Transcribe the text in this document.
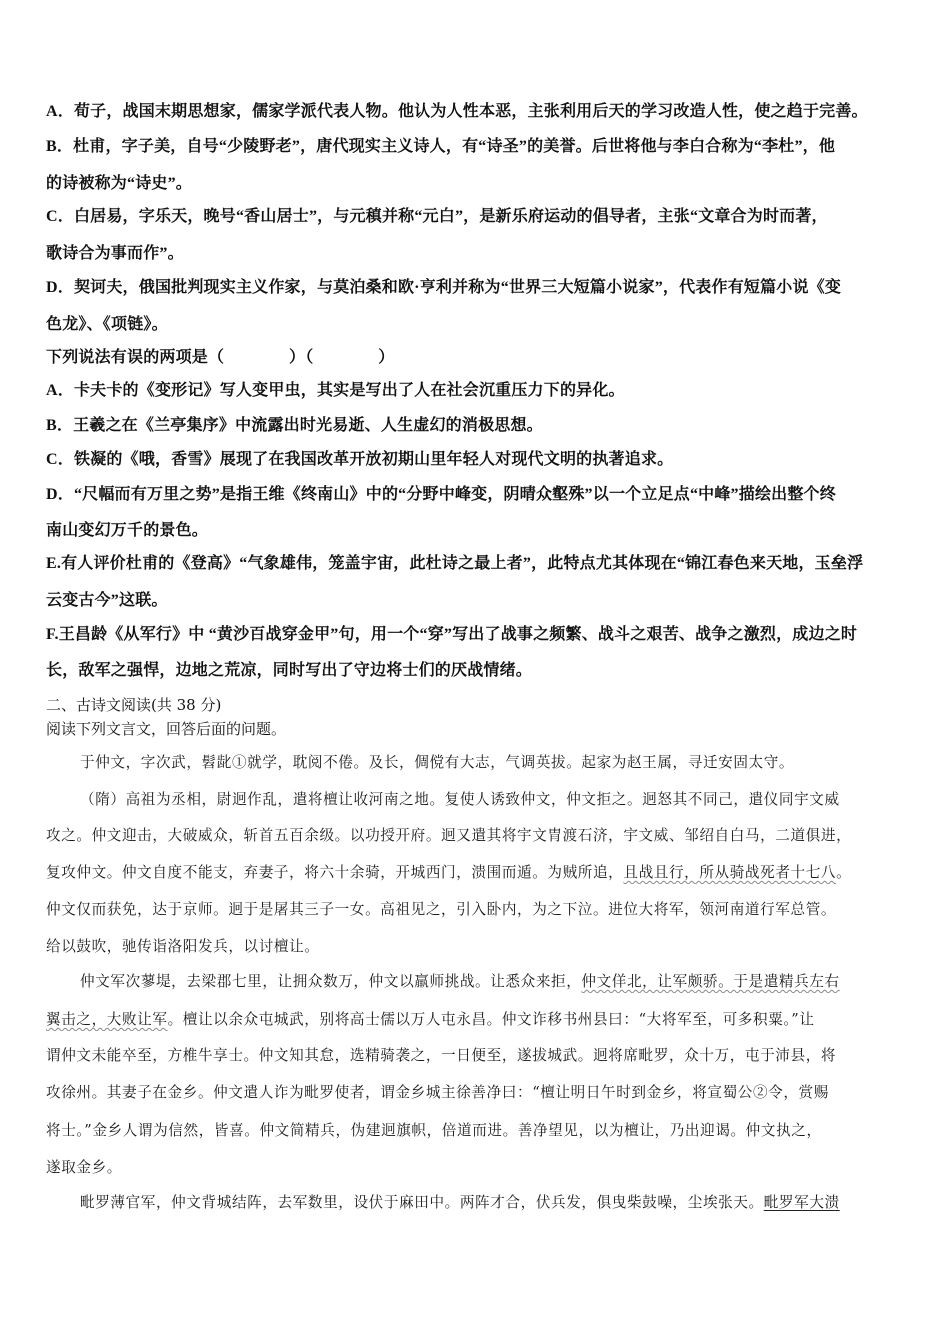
A．荀子，战国末期思想家，儒家学派代表人物。他认为人性本恶，主张利用后天的学习改造人性，使之趋于完善。
B．杜甫，字子美，自号“少陵野老”，唐代现实主义诗人，有“诗圣”的美誉。后世将他与李白合称为“李杜”，他
的诗被称为“诗史”。
C．白居易，字乐天，晚号“香山居士”，与元稹并称“元白”，是新乐府运动的倡导者，主张“文章合为时而著，
歌诗合为事而作”。
D．契诃夫，俄国批判现实主义作家，与莫泊桑和欧·亨利并称为“世界三大短篇小说家”，代表作有短篇小说《变
色龙》、《项链》。
下列说法有误的两项是（　　　　）（　　　　）
A．卡夫卡的《变形记》写人变甲虫，其实是写出了人在社会沉重压力下的异化。
B．王羲之在《兰亭集序》中流露出时光易逝、人生虚幻的消极思想。
C．铁凝的《哦，香雪》展现了在我国改革开放初期山里年轻人对现代文明的执著追求。
D．“尺幅而有万里之势”是指王维《终南山》中的“分野中峰变，阴晴众壑殊”以一个立足点“中峰”描绘出整个终
南山变幻万千的景色。
E.有人评价杜甫的《登高》“气象雄伟，笼盖宇宙，此杜诗之最上者”，此特点尤其体现在“锦江春色来天地，玉垒浮
云变古今”这联。
F.王昌龄《从军行》中 “黄沙百战穿金甲”句，用一个“穿”写出了战事之频繁、战斗之艰苦、战争之激烈，成边之时
长，敌军之强悍，边地之荒凉，同时写出了守边将士们的厌战情绪。
二、古诗文阅读(共 38 分)
阅读下列文言文，回答后面的问题。
于仲文，字次武，髫龀①就学，耽阅不倦。及长，倜傥有大志，气调英拔。起家为赵王属，寻迁安固太守。
（隋）高祖为丞相，尉迥作乱，遣将檀让收河南之地。复使人诱致仲文，仲文拒之。迥怒其不同己，遣仪同宇文威
攻之。仲文迎击，大破威众，斩首五百余级。以功授开府。迥又遣其将宇文胄渡石济，宇文威、邹绍自白马，二道俱进，
复攻仲文。仲文自度不能支，弃妻子，将六十余骑，开城西门，溃围而遁。为贼所追，且战且行，所从骑战死者十七八。
仲文仅而获免，达于京师。迥于是屠其三子一女。高祖见之，引入卧内，为之下泣。进位大将军，领河南道行军总管。
给以鼓吹，驰传诣洛阳发兵，以讨檀让。
仲文军次蓼堤，去梁郡七里，让拥众数万，仲文以羸师挑战。让悉众来拒，仲文佯北，让军颇骄。于是遣精兵左右
翼击之，大败让军。檀让以余众屯城武，别将高士儒以万人屯永昌。仲文诈移书州县曰：“大将军至，可多积粟。”让
谓仲文未能卒至，方椎牛享士。仲文知其怠，选精骑袭之，一日便至，遂拔城武。迥将席毗罗，众十万，屯于沛县，将
攻徐州。其妻子在金乡。仲文遣人诈为毗罗使者，谓金乡城主徐善净曰：“檀让明日午时到金乡，将宣蜀公②令，赏赐
将士。”金乡人谓为信然，皆喜。仲文简精兵，伪建迥旗帜，倍道而进。善净望见，以为檀让，乃出迎谒。仲文执之，
遂取金乡。
毗罗薄官军，仲文背城结阵，去军数里，设伏于麻田中。两阵才合，伏兵发，俱曳柴鼓噪，尘埃张天。毗罗军大溃
